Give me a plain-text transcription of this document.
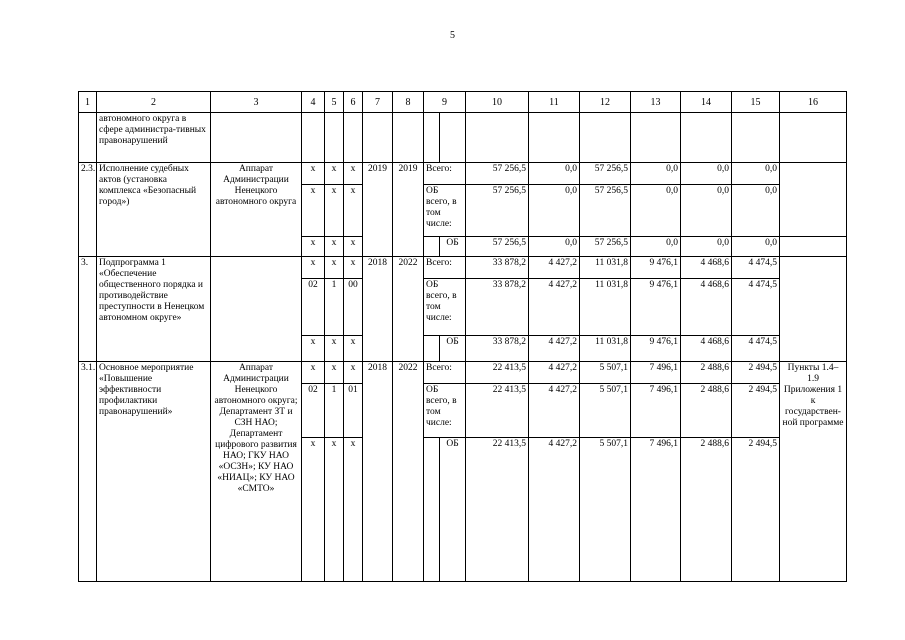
5
1	2	3	4	5	6	7	8	9		10	11	12	13	14	15	16
	автономного округа в сфере администра-тивных правонарушений															
2.3.	Исполнение судебных актов (установка комплекса «Безопасный город»)	Аппарат Администрации Ненецкого автономного округа	х	х	х	2019	2019	Всего:		57 256,5	0,0	57 256,5	0,0	0,0	0,0	
			х	х	х			ОБ всего, в том числе:		57 256,5	0,0	57 256,5	0,0	0,0	0,0	
			х	х	х				ОБ	57 256,5	0,0	57 256,5	0,0	0,0	0,0	
3.	Подпрограмма 1 «Обеспечение общественного порядка и противодействие преступности в Ненецком автономном округе»		х	х	х	2018	2022	Всего:		33 878,2	4 427,2	11 031,8	9 476,1	4 468,6	4 474,5	
			02	1	00			ОБ всего, в том числе:		33 878,2	4 427,2	11 031,8	9 476,1	4 468,6	4 474,5	
			х	х	х				ОБ	33 878,2	4 427,2	11 031,8	9 476,1	4 468,6	4 474,5	
3.1.	Основное мероприятие «Повышение эффективности профилактики правонарушений»	Аппарат Администрации Ненецкого автономного округа; Департамент ЗТ и СЗН НАО; Департамент цифрового развития НАО; ГКУ НАО «ОСЗН»; КУ НАО «НИАЦ»; КУ НАО «СМТО»	х	х	х	2018	2022	Всего:		22 413,5	4 427,2	5 507,1	7 496,1	2 488,6	2 494,5	Пункты 1.4–1.9 Приложения 1 к государствен-ной программе
			02	1	01			ОБ всего, в том числе:		22 413,5	4 427,2	5 507,1	7 496,1	2 488,6	2 494,5	
			х	х	х				ОБ	22 413,5	4 427,2	5 507,1	7 496,1	2 488,6	2 494,5	
